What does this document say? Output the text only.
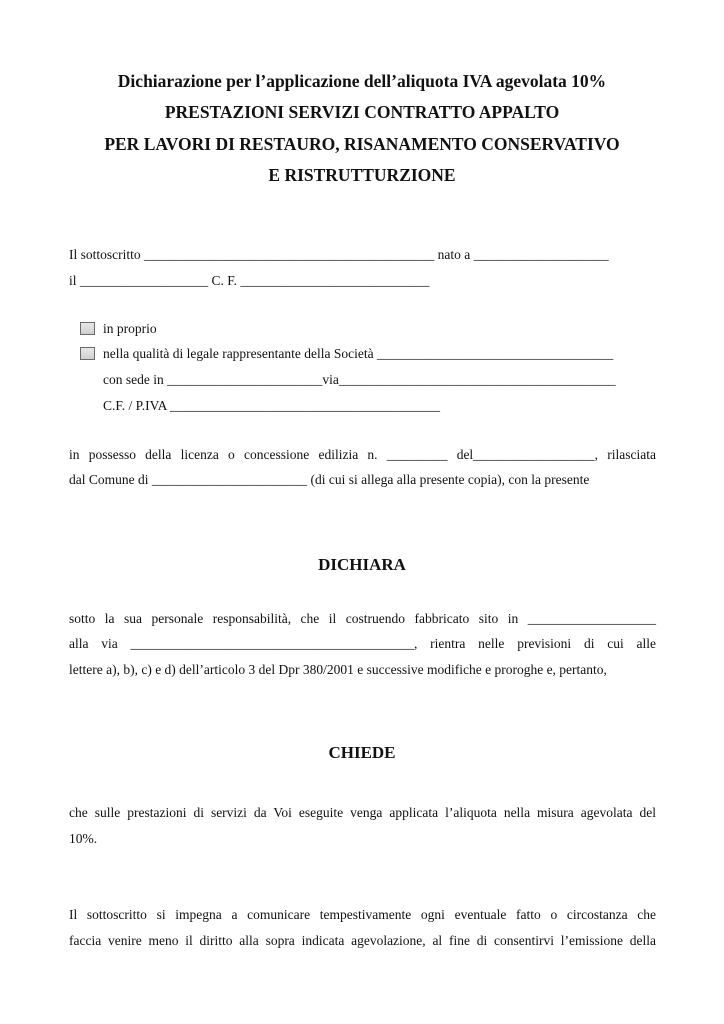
Dichiarazione per l’applicazione dell’aliquota IVA agevolata 10%
PRESTAZIONI SERVIZI CONTRATTO APPALTO
PER LAVORI DI RESTAURO, RISANAMENTO CONSERVATIVO
E RISTRUTTURZIONE
Il sottoscritto ___________________________________________ nato a ____________________
il ___________________ C. F. ____________________________
in proprio
nella qualità di legale rappresentante della Società ___________________________________
con sede in _______________________via_________________________________________
C.F. / P.IVA ________________________________________
in possesso della licenza o concessione edilizia n. _________ del__________________, rilasciata
dal Comune di _______________________ (di cui si allega alla presente copia), con la presente
DICHIARA
sotto la sua personale responsabilità, che il costruendo fabbricato sito in ___________________
alla via __________________________________________, rientra nelle previsioni di cui alle
lettere a), b), c) e d) dell’articolo 3 del Dpr 380/2001 e successive modifiche e proroghe e, pertanto,
CHIEDE
che sulle prestazioni di servizi da Voi eseguite venga applicata l’aliquota nella misura agevolata del
10%.
Il sottoscritto si impegna a comunicare tempestivamente ogni eventuale fatto o circostanza che
faccia venire meno il diritto alla sopra indicata agevolazione, al fine di consentirvi l’emissione della
